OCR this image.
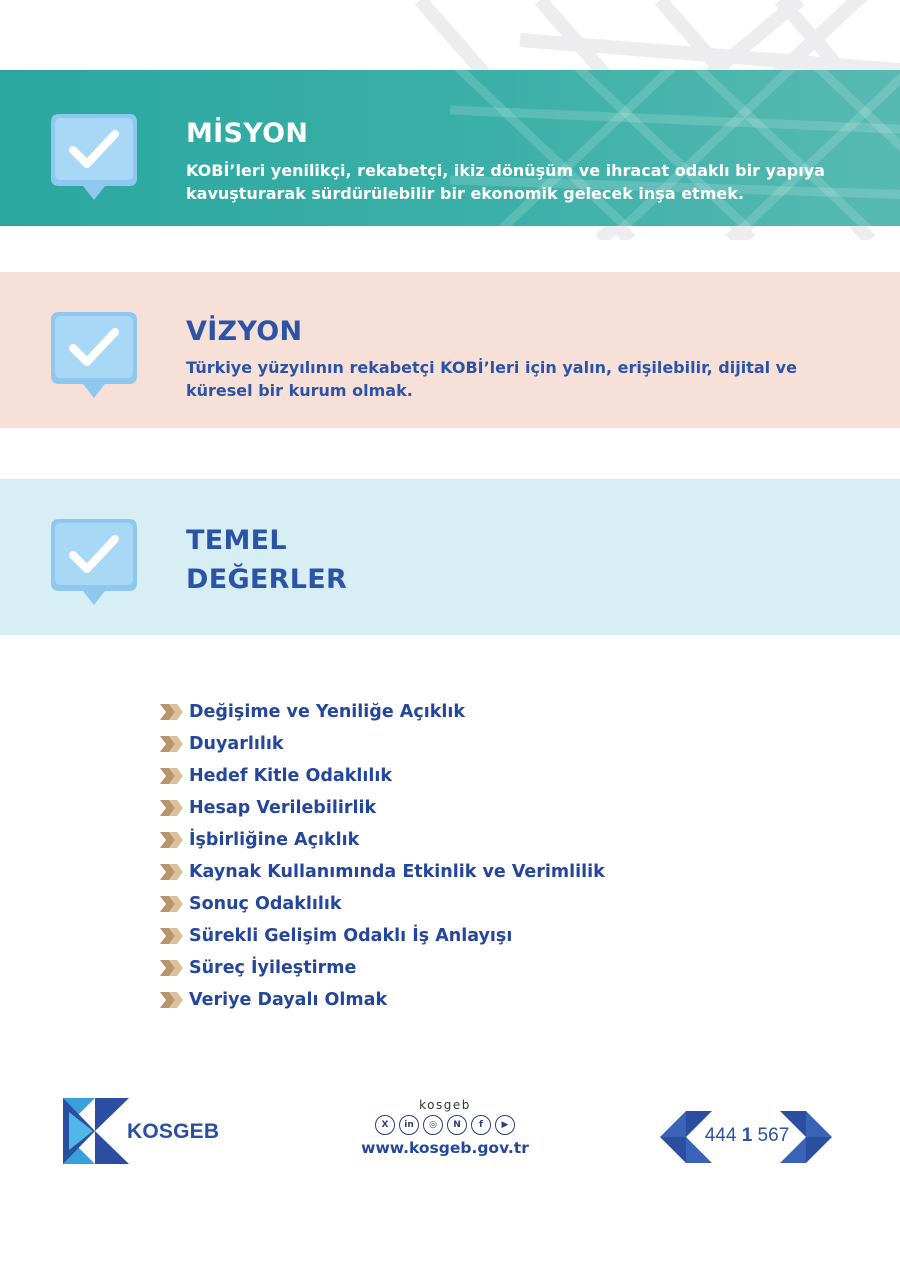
MİSYON

KOBİ’leri yenilikçi, rekabetçi, ikiz dönüşüm ve ihracat odaklı bir yapıya kavuşturarak sürdürülebilir bir ekonomik gelecek inşa etmek.

VİZYON

Türkiye yüzyılının rekabetçi KOBİ’leri için yalın, erişilebilir, dijital ve küresel bir kurum olmak.

TEMEL
DEĞERLER
Değişime ve Yeniliğe Açıklık
Duyarlılık
Hedef Kitle Odaklılık
Hesap Verilebilirlik
İşbirliğine Açıklık
Kaynak Kullanımında Etkinlik ve Verimlilik
Sonuç Odaklılık
Sürekli Gelişim Odaklı İş Anlayışı
Süreç İyileştirme
Veriye Dayalı Olmak
KOSGEB
kosgeb
X	in	◎	N	f	▶
www.kosgeb.gov.tr
444 1 567
